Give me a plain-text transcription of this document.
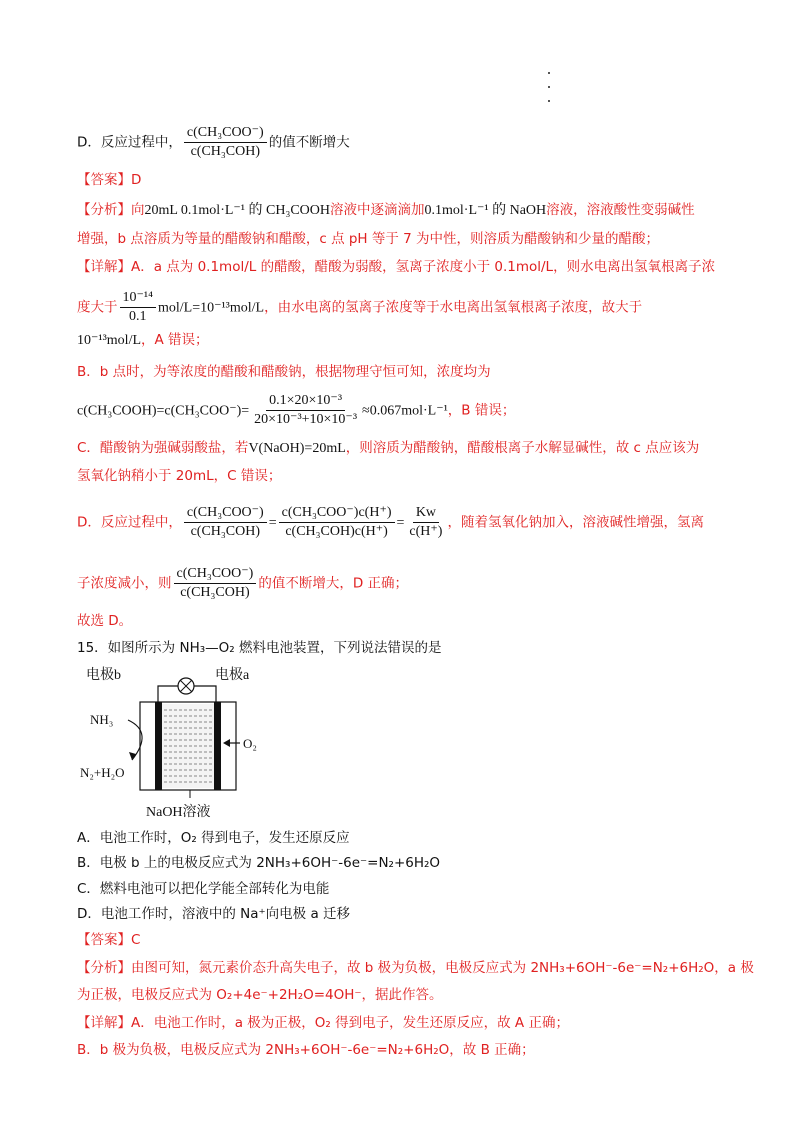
D．反应过程中， $\frac{\text{c(CH₃COO⁻)}}{\text{c(CH₃COH)}}$ 的值不断增大
【答案】D
【分析】向20mL 0.1mol·L⁻¹ 的 CH₃COOH溶液中逐滴滴加0.1mol·L⁻¹ 的 NaOH溶液，溶液酸性变弱碱性
增强，b 点溶质为等量的醋酸钠和醋酸，c 点 pH 等于 7 为中性，则溶质为醋酸钠和少量的醋酸；
【详解】A．a 点为 0.1mol/L 的醋酸，醋酸为弱酸，氢离子浓度小于 0.1mol/L，则水电离出氢氧根离子浓
度大于 $\frac{\text{10⁻¹⁴}}{0.1} mol/L=10^{-13}mol/L$，由水电离的氢离子浓度等于水电离出氢氧根离子浓度，故大于
10⁻¹³mol/L，A 错误；
B．b 点时，为等浓度的醋酸和醋酸钠，根据物理守恒可知，浓度均为
c(CH₃COOH)=c(CH₃COO⁻)= $\frac{\text{0.1×20×10⁻³}}{\text{20×10⁻³+10×10⁻³}} \approx 0.067mol\cdot L^{-1}$，B 错误；
C．醋酸钠为强碱弱酸盐，若V(NaOH)=20mL，则溶质为醋酸钠，醋酸根离子水解显碱性，故 c 点应该为
氢氧化钠稍小于 20mL，C 错误；
D．反应过程中， $\frac{\text{c(CH₃COO⁻)}}{\text{c(CH₃COH)}} = \frac{\text{c(CH₃COO⁻)c(H⁺)}}{\text{c(CH₃COH)c(H⁺)}} = \frac{Kw}{c(H^+)}$ ，随着氢氧化钠加入，溶液碱性增强，氢离
子浓度减小，则 $\frac{\text{c(CH₃COO⁻)}}{\text{c(CH₃COH)}}$ 的值不断增大，D 正确；
故选 D。
15．如图所示为 NH₃—O₂ 燃料电池装置，下列说法错误的是
电极b	电极a
NH₃
N₂+H₂O
O₂
NaOH溶液
A．电池工作时，O₂ 得到电子，发生还原反应
B．电极 b 上的电极反应式为 2NH₃+6OH⁻-6e⁻=N₂+6H₂O
C．燃料电池可以把化学能全部转化为电能
D．电池工作时，溶液中的 Na⁺向电极 a 迁移
【答案】C
【分析】由图可知，氮元素价态升高失电子，故 b 极为负极，电极反应式为 2NH₃+6OH⁻-6e⁻=N₂+6H₂O，a 极
为正极，电极反应式为 O₂+4e⁻+2H₂O=4OH⁻，据此作答。
【详解】A．电池工作时，a 极为正极，O₂ 得到电子，发生还原反应，故 A 正确；
B．b 极为负极，电极反应式为 2NH₃+6OH⁻-6e⁻=N₂+6H₂O，故 B 正确；
